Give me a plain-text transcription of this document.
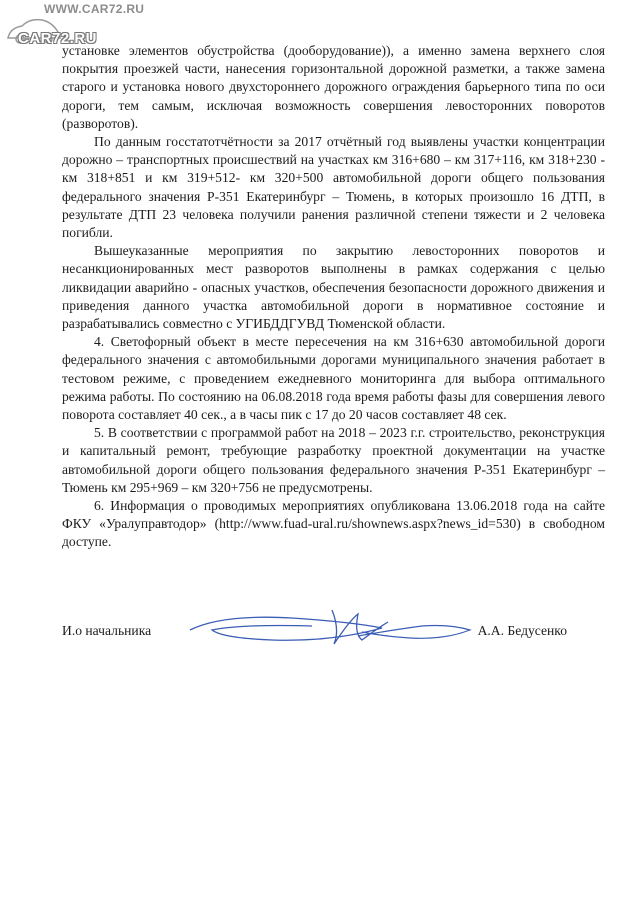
WWW.CAR72.RU
CAR72.RU

установке элементов обустройства (дооборудование)), а именно замена верхнего слоя покрытия проезжей части, нанесения горизонтальной дорожной разметки, а также замена старого и установка нового двухстороннего дорожного ограждения барьерного типа по оси дороги, тем самым, исключая возможность совершения левосторонних поворотов (разворотов).

По данным госстатотчётности за 2017 отчётный год выявлены участки концентрации дорожно – транспортных происшествий на участках км 316+680 – км 317+116, км 318+230 - км 318+851 и км 319+512- км 320+500 автомобильной дороги общего пользования федерального значения Р-351 Екатеринбург – Тюмень, в которых произошло 16 ДТП, в результате ДТП 23 человека получили ранения различной степени тяжести и 2 человека погибли.

Вышеуказанные мероприятия по закрытию левосторонних поворотов и несанкционированных мест разворотов выполнены в рамках содержания с целью ликвидации аварийно - опасных участков, обеспечения безопасности дорожного движения и приведения данного участка автомобильной дороги в нормативное состояние и разрабатывались совместно с УГИБДДГУВД Тюменской области.

4. Светофорный объект в месте пересечения на км 316+630 автомобильной дороги федерального значения с автомобильными дорогами муниципального значения работает в тестовом режиме, с проведением ежедневного мониторинга для выбора оптимального режима работы. По состоянию на 06.08.2018 года время работы фазы для совершения левого поворота составляет 40 сек., а в часы пик с 17 до 20 часов составляет 48 сек.

5. В соответствии с программой работ на 2018 – 2023 г.г. строительство, реконструкция и капитальный ремонт, требующие разработку проектной документации на участке автомобильной дороги общего пользования федерального значения Р-351 Екатеринбург – Тюмень км 295+969 – км 320+756 не предусмотрены.

6. Информация о проводимых мероприятиях опубликована 13.06.2018 года на сайте ФКУ «Уралуправтодор» (http://www.fuad-ural.ru/shownews.aspx?news_id=530) в свободном доступе.

И.о начальника	А.А. Бедусенко
